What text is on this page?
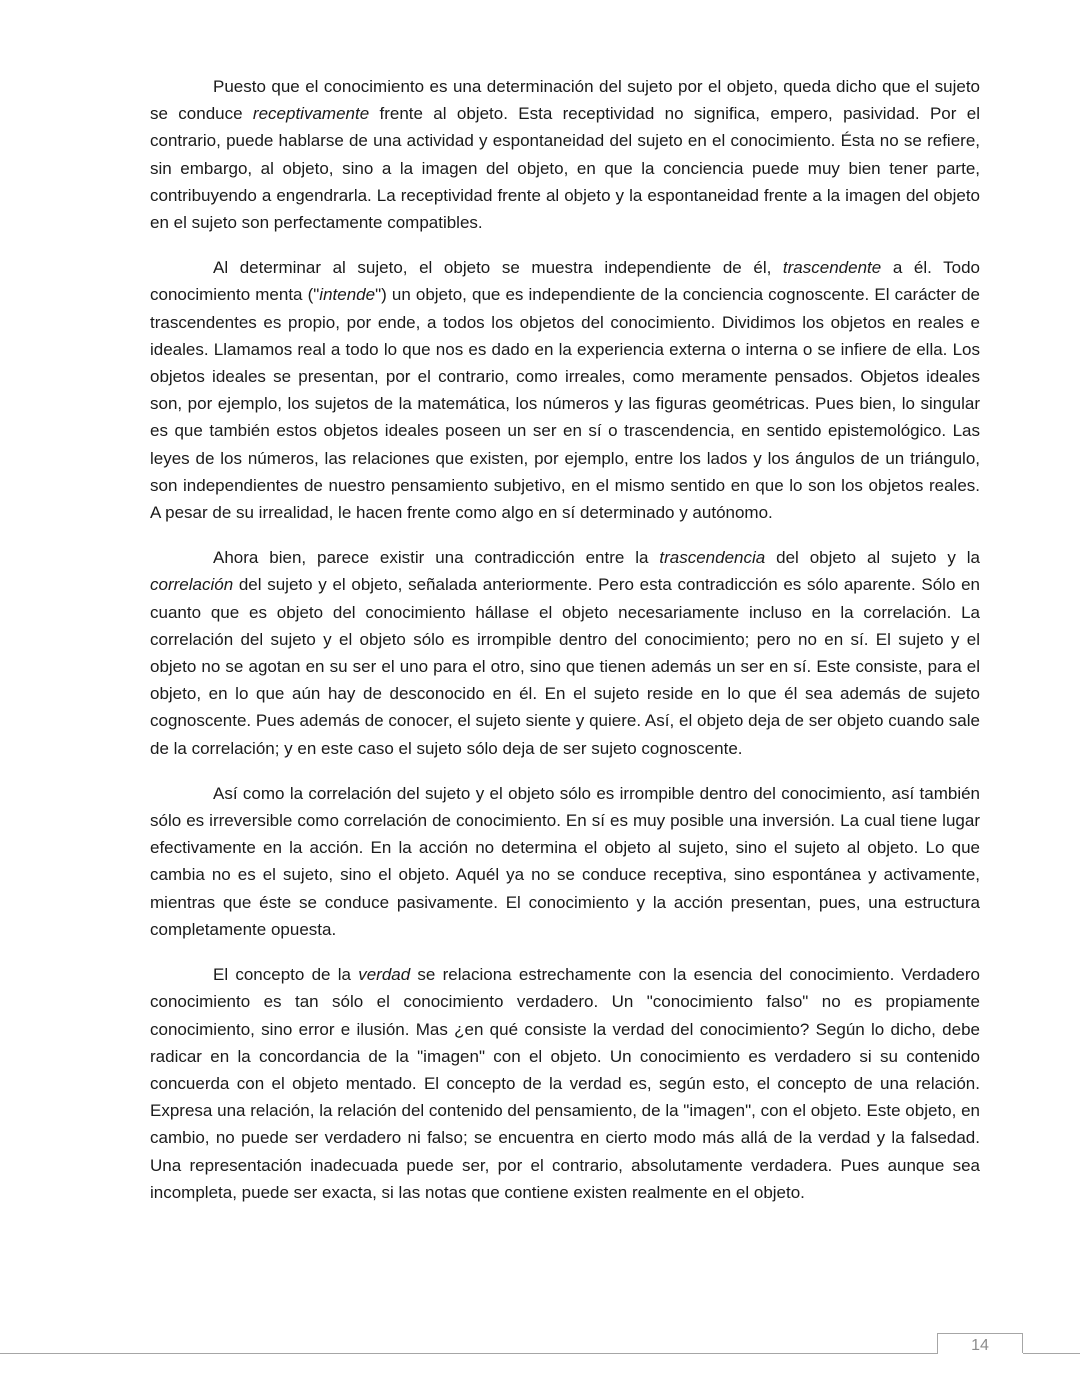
Puesto que el conocimiento es una determinación del sujeto por el objeto, queda dicho que el sujeto se conduce receptivamente frente al objeto. Esta receptividad no significa, empero, pasividad. Por el contrario, puede hablarse de una actividad y espontaneidad del sujeto en el conocimiento. Ésta no se refiere, sin embargo, al objeto, sino a la imagen del objeto, en que la conciencia puede muy bien tener parte, contribuyendo a engendrarla. La receptividad frente al objeto y la espontaneidad frente a la imagen del objeto en el sujeto son perfectamente compatibles.

Al determinar al sujeto, el objeto se muestra independiente de él, trascendente a él. Todo conocimiento menta ("intende") un objeto, que es independiente de la conciencia cognoscente. El carácter de trascendentes es propio, por ende, a todos los objetos del conocimiento. Dividimos los objetos en reales e ideales. Llamamos real a todo lo que nos es dado en la experiencia externa o interna o se infiere de ella. Los objetos ideales se presentan, por el contrario, como irreales, como meramente pensados. Objetos ideales son, por ejemplo, los sujetos de la matemática, los números y las figuras geométricas. Pues bien, lo singular es que también estos objetos ideales poseen un ser en sí o trascendencia, en sentido epistemológico. Las leyes de los números, las relaciones que existen, por ejemplo, entre los lados y los ángulos de un triángulo, son independientes de nuestro pensamiento subjetivo, en el mismo sentido en que lo son los objetos reales. A pesar de su irrealidad, le hacen frente como algo en sí determinado y autónomo.

Ahora bien, parece existir una contradicción entre la trascendencia del objeto al sujeto y la correlación del sujeto y el objeto, señalada anteriormente. Pero esta contradicción es sólo aparente. Sólo en cuanto que es objeto del conocimiento hállase el objeto necesariamente incluso en la correlación. La correlación del sujeto y el objeto sólo es irrompible dentro del conocimiento; pero no en sí. El sujeto y el objeto no se agotan en su ser el uno para el otro, sino que tienen además un ser en sí. Este consiste, para el objeto, en lo que aún hay de desconocido en él. En el sujeto reside en lo que él sea además de sujeto cognoscente. Pues además de conocer, el sujeto siente y quiere. Así, el objeto deja de ser objeto cuando sale de la correlación; y en este caso el sujeto sólo deja de ser sujeto cognoscente.

Así como la correlación del sujeto y el objeto sólo es irrompible dentro del conocimiento, así también sólo es irreversible como correlación de conocimiento. En sí es muy posible una inversión. La cual tiene lugar efectivamente en la acción. En la acción no determina el objeto al sujeto, sino el sujeto al objeto. Lo que cambia no es el sujeto, sino el objeto. Aquél ya no se conduce receptiva, sino espontánea y activamente, mientras que éste se conduce pasivamente. El conocimiento y la acción presentan, pues, una estructura completamente opuesta.

El concepto de la verdad se relaciona estrechamente con la esencia del conocimiento. Verdadero conocimiento es tan sólo el conocimiento verdadero. Un "conocimiento falso" no es propiamente conocimiento, sino error e ilusión. Mas ¿en qué consiste la verdad del conocimiento? Según lo dicho, debe radicar en la concordancia de la "imagen" con el objeto. Un conocimiento es verdadero si su contenido concuerda con el objeto mentado. El concepto de la verdad es, según esto, el concepto de una relación. Expresa una relación, la relación del contenido del pensamiento, de la "imagen", con el objeto. Este objeto, en cambio, no puede ser verdadero ni falso; se encuentra en cierto modo más allá de la verdad y la falsedad. Una representación inadecuada puede ser, por el contrario, absolutamente verdadera. Pues aunque sea incompleta, puede ser exacta, si las notas que contiene existen realmente en el objeto.

14
